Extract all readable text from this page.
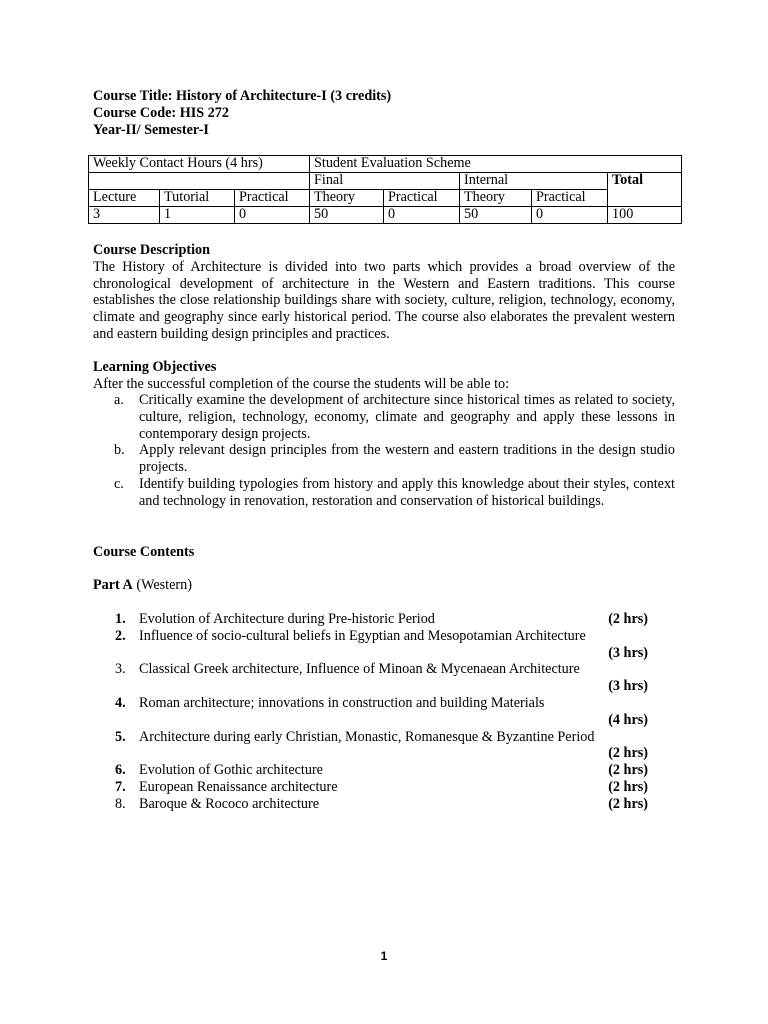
Course Title: History of Architecture-I (3 credits)
Course Code: HIS 272
Year-II/ Semester-I
Weekly Contact Hours (4 hrs)			Student Evaluation Scheme				
			Final		Internal		Total
Lecture	Tutorial	Practical	Theory	Practical	Theory	Practical	
3	1	0	50	0	50	0	100
Course Description

The History of Architecture is divided into two parts which provides a broad overview of the chronological development of architecture in the Western and Eastern traditions. This course establishes the close relationship buildings share with society, culture, religion, technology, economy, climate and geography since early historical period. The course also elaborates the prevalent western and eastern building design principles and practices.

Learning Objectives
After the successful completion of the course the students will be able to:
a. Critically examine the development of architecture since historical times as related to society, culture, religion, technology, economy, climate and geography and apply these lessons in contemporary design projects.
b. Apply relevant design principles from the western and eastern traditions in the design studio projects.
c. Identify building typologies from history and apply this knowledge about their styles, context and technology in renovation, restoration and conservation of historical buildings.
Course Contents
Part A (Western)
1. Evolution of Architecture during Pre-historic Period	(2 hrs)
2. Influence of socio-cultural beliefs in Egyptian and Mesopotamian Architecture
(3 hrs)
3. Classical Greek architecture, Influence of Minoan & Mycenaean Architecture
(3 hrs)
4. Roman architecture; innovations in construction and building Materials
(4 hrs)
5. Architecture during early Christian, Monastic, Romanesque & Byzantine Period
(2 hrs)
6. Evolution of Gothic architecture	(2 hrs)
7. European Renaissance architecture	(2 hrs)
8. Baroque & Rococo architecture	(2 hrs)
1
